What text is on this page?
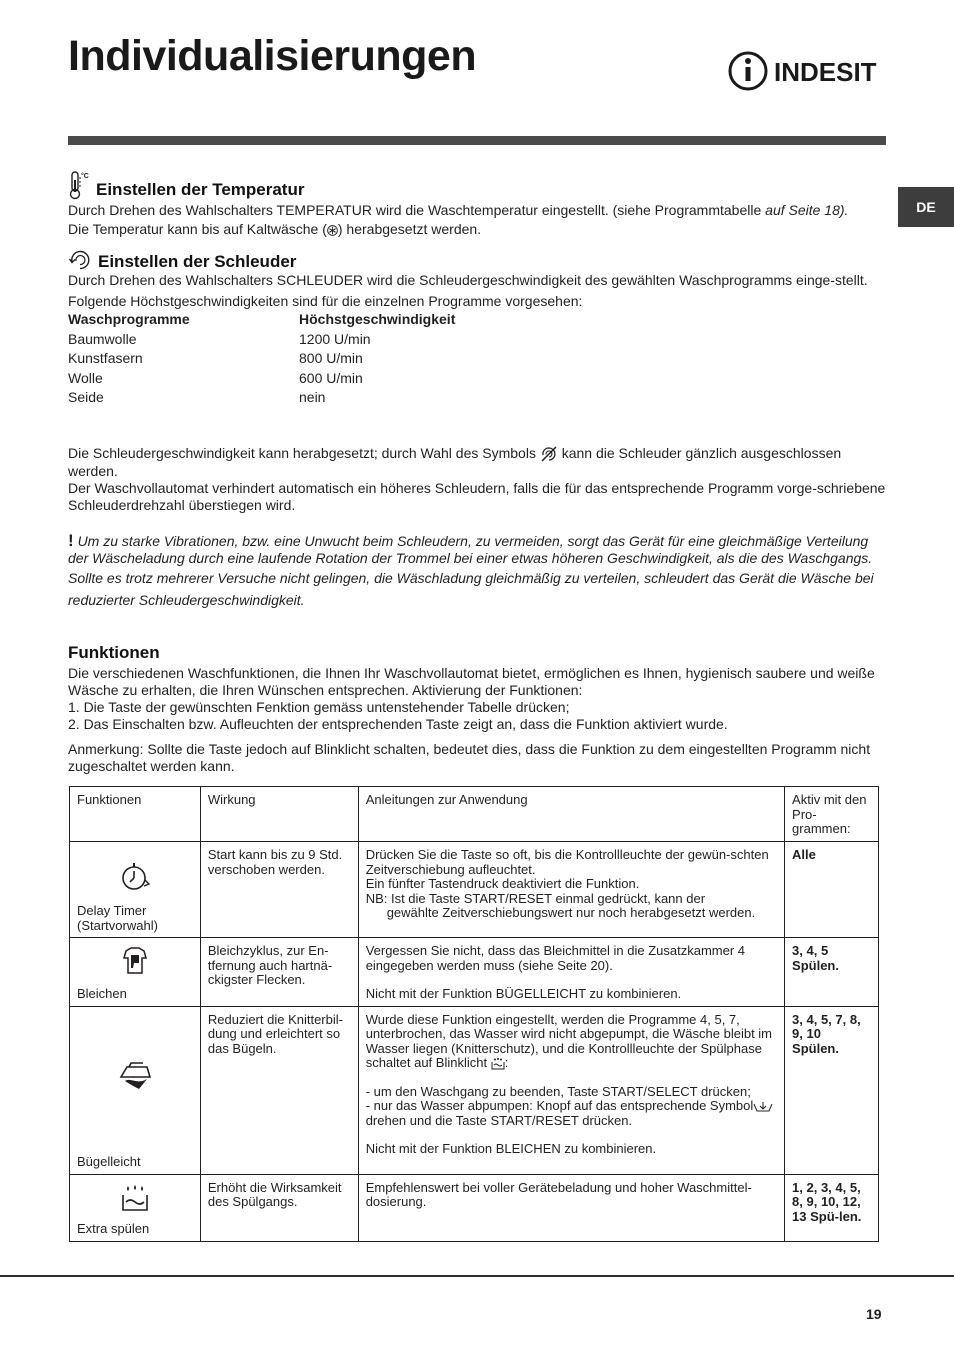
Individualisierungen	INDESIT
DE
°C
Einstellen der Temperatur

Durch Drehen des Wahlschalters TEMPERATUR wird die Waschtemperatur eingestellt. (siehe Programmtabelle auf Seite 18).

Die Temperatur kann bis auf Kaltwäsche ( ) herabgesetzt werden.

Einstellen der Schleuder

Durch Drehen des Wahlschalters SCHLEUDER wird die Schleudergeschwindigkeit des gewählten Waschprogramms einge-stellt.

Folgende Höchstgeschwindigkeiten sind für die einzelnen Programme vorgesehen:

Waschprogramme	Höchstgeschwindigkeit
Baumwolle	1200 U/min
Kunstfasern	800 U/min
Wolle	600 U/min
Seide	nein

Die Schleudergeschwindigkeit kann herabgesetzt; durch Wahl des Symbols  kann die Schleuder gänzlich ausgeschlossen werden.

Der Waschvollautomat verhindert automatisch ein höheres Schleudern, falls die für das entsprechende Programm vorge-schriebene Schleuderdrehzahl überstiegen wird.

! Um zu starke Vibrationen, bzw. eine Unwucht beim Schleudern, zu vermeiden, sorgt das Gerät für eine gleichmäßige Verteilung der Wäscheladung durch eine laufende Rotation der Trommel bei einer etwas höheren Geschwindigkeit, als die des Waschgangs.

Sollte es trotz mehrerer Versuche nicht gelingen, die Wäschladung gleichmäßig zu verteilen, schleudert das Gerät die Wäsche bei reduzierter Schleudergeschwindigkeit.

Funktionen

Die verschiedenen Waschfunktionen, die Ihnen Ihr Waschvollautomat bietet, ermöglichen es Ihnen, hygienisch saubere und weiße Wäsche zu erhalten, die Ihren Wünschen entsprechen. Aktivierung der Funktionen:

1. Die Taste der gewünschten Fenktion gemäss untenstehender Tabelle drücken;

2. Das Einschalten bzw. Aufleuchten der entsprechenden Taste zeigt an, dass die Funktion aktiviert wurde.

Anmerkung: Sollte die Taste jedoch auf Blinklicht schalten, bedeutet dies, dass die Funktion zu dem eingestellten Programm nicht zugeschaltet werden kann.

Funktionen	Wirkung	Anleitungen zur Anwendung	Aktiv mit den Pro-grammen:

Delay Timer (Startvorwahl)	Start kann bis zu 9 Std. verschoben werden.	Drücken Sie die Taste so oft, bis die Kontrollleuchte der gewün-schten Zeitverschiebung aufleuchtet.
Ein fünfter Tastendruck deaktiviert die Funktion.
NB: Ist die Taste START/RESET einmal gedrückt, kann der
gewählte Zeitverschiebungswert nur noch herabgesetzt werden.	Alle

Bleichen	Bleichzyklus, zur En-tfernung auch hartnä-ckigster Flecken.	Vergessen Sie nicht, dass das Bleichmittel in die Zusatzkammer 4 eingegeben werden muss (siehe Seite 20).
Nicht mit der Funktion BÜGELLEICHT zu kombinieren.	3, 4, 5 Spülen.

Bügelleicht	Reduziert die Knitterbil-dung und erleichtert so das Bügeln.	Wurde diese Funktion eingestellt, werden die Programme 4, 5, 7, unterbrochen, das Wasser wird nicht abgepumpt, die Wäsche bleibt im Wasser liegen (Knitterschutz), und die Kontrollleuchte der Spülphase schaltet auf Blinklicht :
- um den Waschgang zu beenden, Taste START/SELECT drücken;
- nur das Wasser abpumpen: Knopf auf das entsprechende Symboldrehen und die Taste START/RESET drücken.
Nicht mit der Funktion BLEICHEN zu kombinieren.	3, 4, 5, 7, 8, 9, 10 Spülen.

Extra spülen	Erhöht die Wirksamkeit des Spülgangs.	Empfehlenswert bei voller Gerätebeladung und hoher Waschmittel-dosierung.	1, 2, 3, 4, 5, 8, 9, 10, 12, 13 Spü-len.
19
